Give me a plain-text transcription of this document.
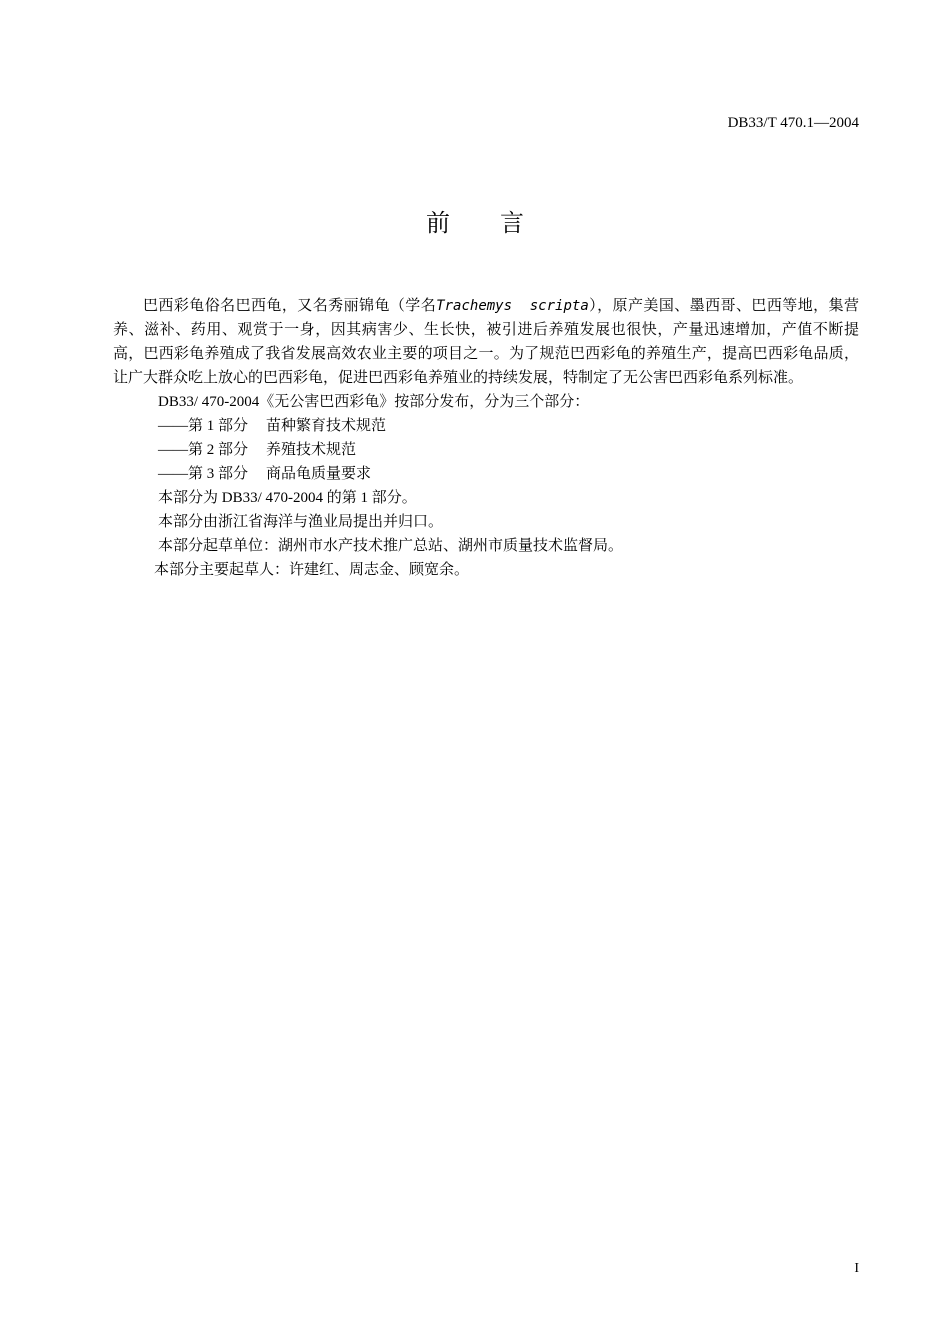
DB33/T 470.1—2004
前言

巴西彩龟俗名巴西龟，又名秀丽锦龟（学名Trachemys  scripta），原产美国、墨西哥、巴西等地，集营养、滋补、药用、观赏于一身，因其病害少、生长快，被引进后养殖发展也很快，产量迅速增加，产值不断提高，巴西彩龟养殖成了我省发展高效农业主要的项目之一。为了规范巴西彩龟的养殖生产，提高巴西彩龟品质，让广大群众吃上放心的巴西彩龟，促进巴西彩龟养殖业的持续发展，特制定了无公害巴西彩龟系列标准。

DB33/ 470-2004《无公害巴西彩龟》按部分发布，分为三个部分：

——第 1 部分 苗种繁育技术规范

——第 2 部分 养殖技术规范

——第 3 部分 商品龟质量要求

本部分为 DB33/ 470-2004 的第 1 部分。

本部分由浙江省海洋与渔业局提出并归口。

本部分起草单位：湖州市水产技术推广总站、湖州市质量技术监督局。

本部分主要起草人：许建红、周志金、顾宽余。

I
